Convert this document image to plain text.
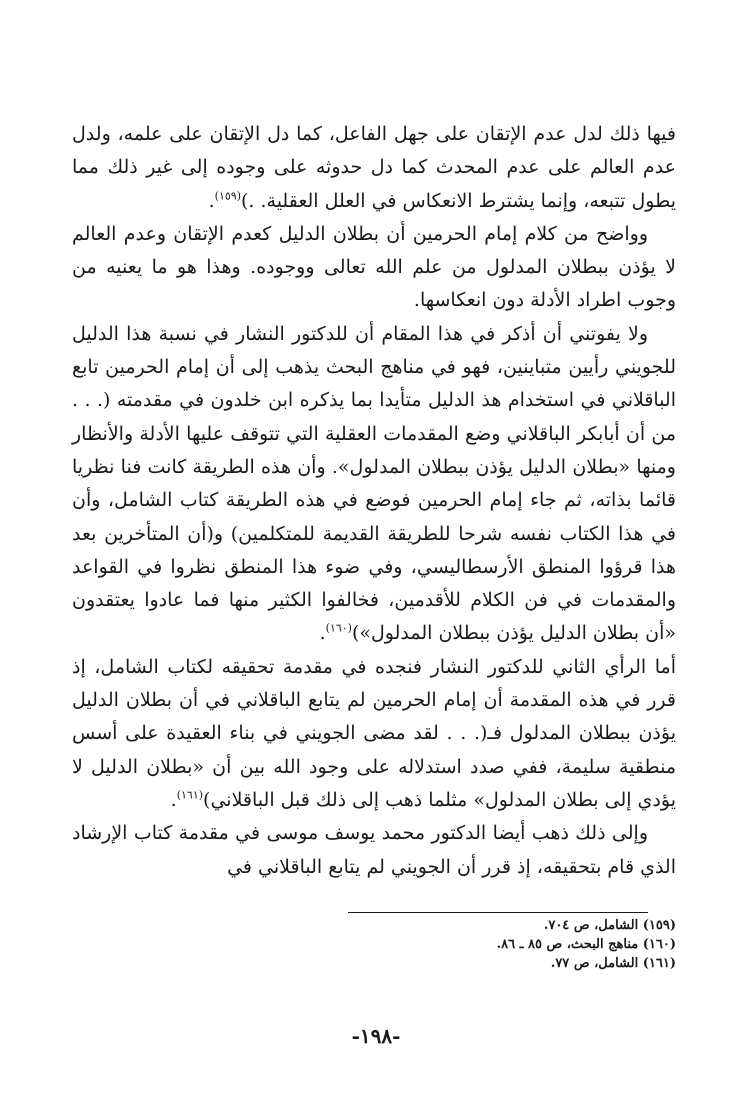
فيها ذلك لدل عدم الإتقان على جهل الفاعل، كما دل الإتقان على علمه، ولدل عدم العالم على عدم المحدث كما دل حدوثه على وجوده إلى غير ذلك مما يطول تتبعه، وإنما يشترط الانعكاس في العلل العقلية. .)$^{(١٥٩)}$.

وواضح من كلام إمام الحرمين أن بطلان الدليل كعدم الإتقان وعدم العالم لا يؤذن ببطلان المدلول من علم الله تعالى ووجوده. وهذا هو ما يعنيه من وجوب اطراد الأدلة دون انعكاسها.

ولا يفوتني أن أذكر في هذا المقام أن للدكتور النشار في نسبة هذا الدليل للجويني رأيين متباينين، فهو في مناهج البحث يذهب إلى أن إمام الحرمين تابع الباقلاني في استخدام هذ الدليل متأيدا بما يذكره ابن خلدون في مقدمته (. . . من أن أبابكر الباقلاني وضع المقدمات العقلية التي تتوقف عليها الأدلة والأنظار ومنها «بطلان الدليل يؤذن ببطلان المدلول». وأن هذه الطريقة كانت فنا نظريا قائما بذاته، ثم جاء إمام الحرمين فوضع في هذه الطريقة كتاب الشامل، وأن في هذا الكتاب نفسه شرحا للطريقة القديمة للمتكلمين) و(أن المتأخرين بعد هذا قرؤوا المنطق الأرسطاليسي، وفي ضوء هذا المنطق نظروا في القواعد والمقدمات في فن الكلام للأقدمين، فخالفوا الكثير منها فما عادوا يعتقدون «أن بطلان الدليل يؤذن ببطلان المدلول»)$^{(١٦٠)}$.

أما الرأي الثاني للدكتور النشار فنجده في مقدمة تحقيقه لكتاب الشامل، إذ قرر في هذه المقدمة أن إمام الحرمين لم يتابع الباقلاني في أن بطلان الدليل يؤذن ببطلان المدلول فـ(. . . لقد مضى الجويني في بناء العقيدة على أسس منطقية سليمة، ففي صدد استدلاله على وجود الله بين أن «بطلان الدليل لا يؤدي إلى بطلان المدلول» مثلما ذهب إلى ذلك قبل الباقلاني)$^{(١٦١)}$.

وإلى ذلك ذهب أيضا الدكتور محمد يوسف موسى في مقدمة كتاب الإرشاد الذي قام بتحقيقه، إذ قرر أن الجويني لم يتابع الباقلاني في

(١٥٩) الشامل، ص ٧٠٤.
(١٦٠) مناهج البحث، ص ٨٥ ـ ٨٦.
(١٦١) الشامل، ص ٧٧.
-١٩٨-
